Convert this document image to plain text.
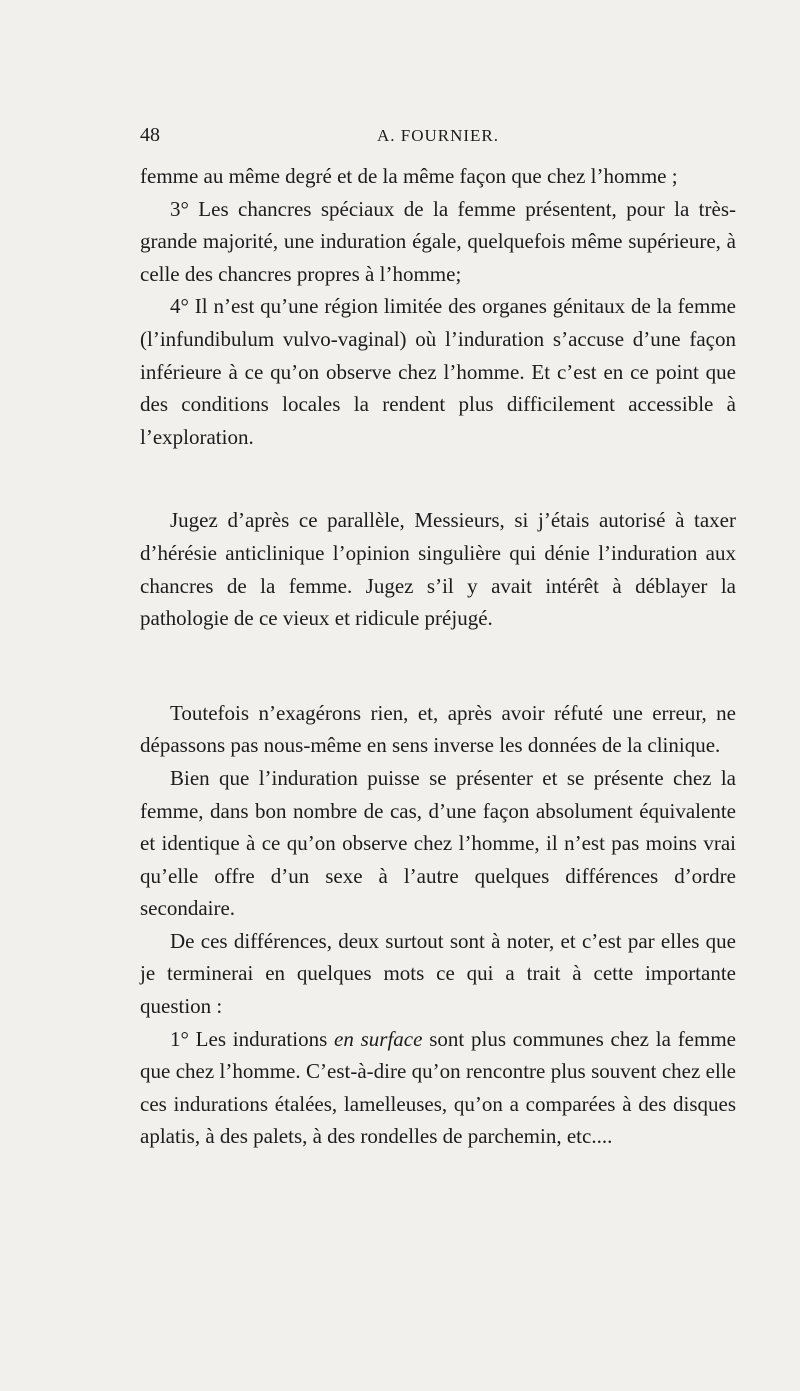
48	A. FOURNIER.

femme au même degré et de la même façon que chez l’homme ;

3° Les chancres spéciaux de la femme présentent, pour la très-grande majorité, une induration égale, quelquefois même supérieure, à celle des chancres propres à l’homme;

4° Il n’est qu’une région limitée des organes génitaux de la femme (l’infundibulum vulvo-vaginal) où l’induration s’accuse d’une façon inférieure à ce qu’on observe chez l’homme. Et c’est en ce point que des conditions locales la rendent plus difficilement accessible à l’exploration.

Jugez d’après ce parallèle, Messieurs, si j’étais autorisé à taxer d’hérésie anticlinique l’opinion singulière qui dénie l’induration aux chancres de la femme. Jugez s’il y avait intérêt à déblayer la pathologie de ce vieux et ridicule préjugé.

Toutefois n’exagérons rien, et, après avoir réfuté une erreur, ne dépassons pas nous-même en sens inverse les données de la clinique.

Bien que l’induration puisse se présenter et se présente chez la femme, dans bon nombre de cas, d’une façon absolument équivalente et identique à ce qu’on observe chez l’homme, il n’est pas moins vrai qu’elle offre d’un sexe à l’autre quelques différences d’ordre secondaire.

De ces différences, deux surtout sont à noter, et c’est par elles que je terminerai en quelques mots ce qui a trait à cette importante question :

1° Les indurations en surface sont plus communes chez la femme que chez l’homme. C’est-à-dire qu’on rencontre plus souvent chez elle ces indurations étalées, lamelleuses, qu’on a comparées à des disques aplatis, à des palets, à des rondelles de parchemin, etc....
